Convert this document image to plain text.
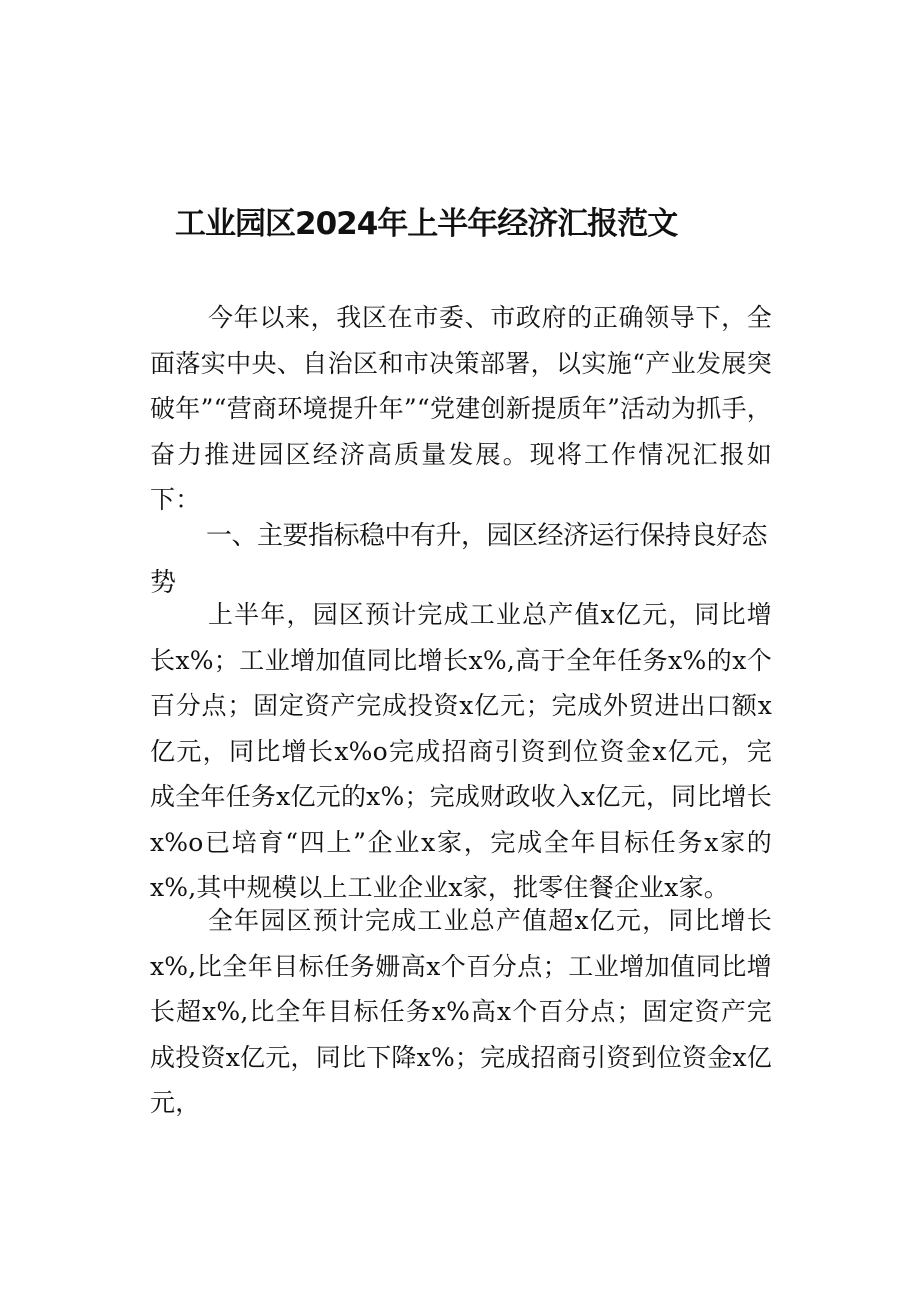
工业园区2024年上半年经济汇报范文

今年以来，我区在市委、市政府的正确领导下，全面落实中央、自治区和市决策部署，以实施“产业发展突破年”“营商环境提升年”“党建创新提质年”活动为抓手，奋力推进园区经济高质量发展。现将工作情况汇报如下：

一、主要指标稳中有升，园区经济运行保持良好态势

上半年，园区预计完成工业总产值x亿元，同比增长x%；工业增加值同比增长x%,高于全年任务x%的x个百分点；固定资产完成投资x亿元；完成外贸进出口额x亿元，同比增长x%o完成招商引资到位资金x亿元，完成全年任务x亿元的x%；完成财政收入x亿元，同比增长x%o已培育“四上”企业x家，完成全年目标任务x家的x%,其中规模以上工业企业x家，批零住餐企业x家。

全年园区预计完成工业总产值超x亿元，同比增长x%,比全年目标任务姗高x个百分点；工业增加值同比增长超x%,比全年目标任务x%高x个百分点；固定资产完成投资x亿元，同比下降x%；完成招商引资到位资金x亿元，
